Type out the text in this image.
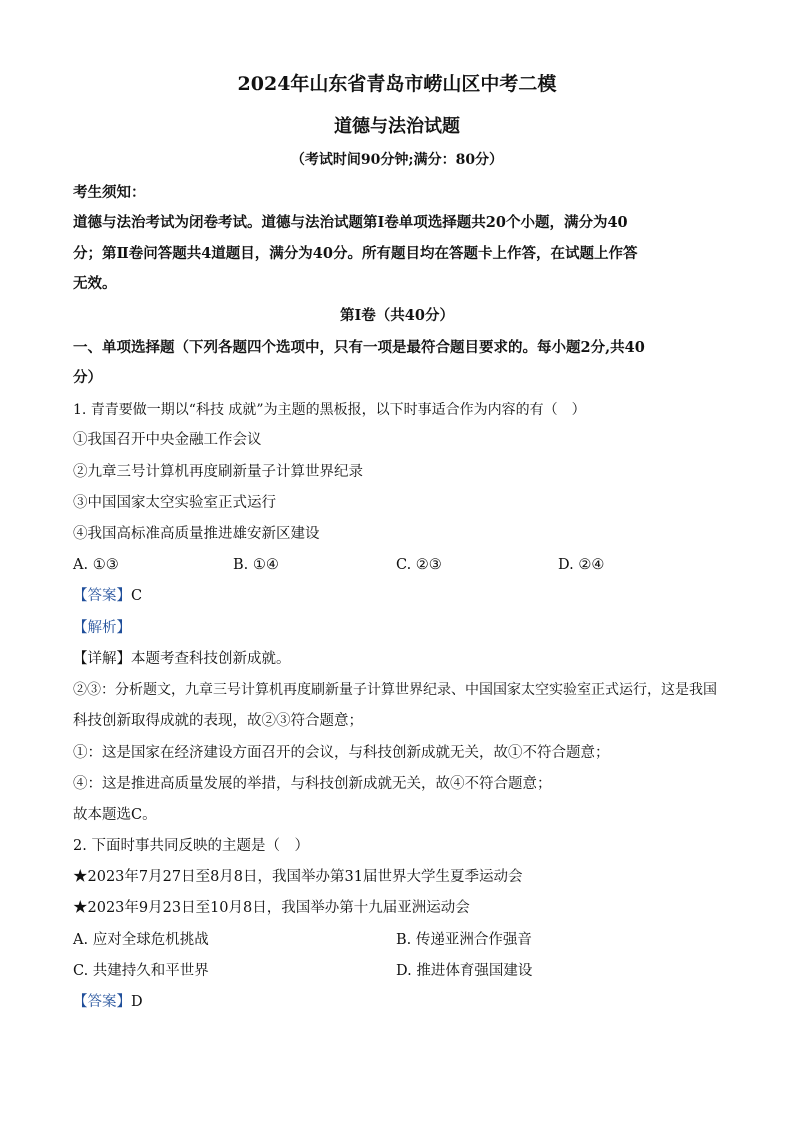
2024年山东省青岛市崂山区中考二模
道德与法治试题
（考试时间90分钟;满分：80分）
考生须知：
道德与法治考试为闭卷考试。道德与法治试题第Ⅰ卷单项选择题共20个小题，满分为40
分；第Ⅱ卷问答题共4道题目，满分为40分。所有题目均在答题卡上作答，在试题上作答
无效。
第Ⅰ卷（共40分）
一、单项选择题（下列各题四个选项中，只有一项是最符合题目要求的。每小题2分,共40
分）
1. 青青要做一期以“科技 成就”为主题的黑板报，以下时事适合作为内容的有（　）
①我国召开中央金融工作会议
②九章三号计算机再度刷新量子计算世界纪录
③中国国家太空实验室正式运行
④我国高标准高质量推进雄安新区建设
A. ①③	B. ①④	C. ②③	D. ②④
【答案】C
【解析】
【详解】本题考查科技创新成就。
②③：分析题文，九章三号计算机再度刷新量子计算世界纪录、中国国家太空实验室正式运行，这是我国
科技创新取得成就的表现，故②③符合题意；
①：这是国家在经济建设方面召开的会议，与科技创新成就无关，故①不符合题意；
④：这是推进高质量发展的举措，与科技创新成就无关，故④不符合题意；
故本题选C。
2. 下面时事共同反映的主题是（　）
★2023年7月27日至8月8日，我国举办第31届世界大学生夏季运动会
★2023年9月23日至10月8日，我国举办第十九届亚洲运动会
A. 应对全球危机挑战	B. 传递亚洲合作强音
C. 共建持久和平世界	D. 推进体育强国建设
【答案】D
